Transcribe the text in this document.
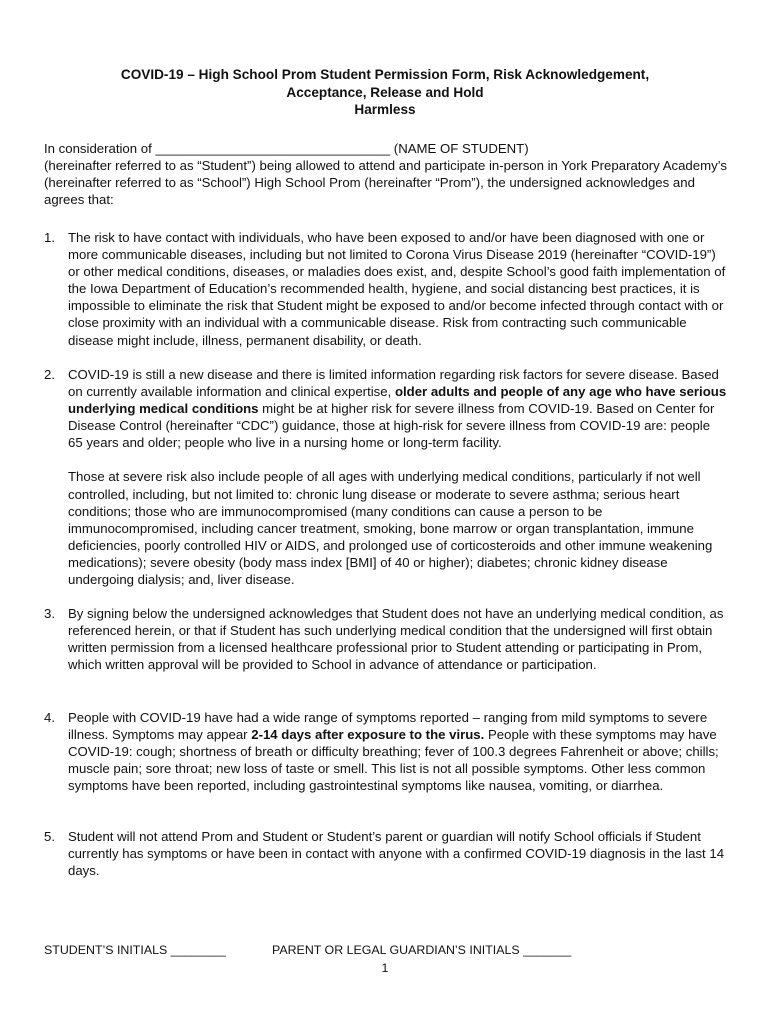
COVID-19 – High School Prom Student Permission Form, Risk Acknowledgement,
Acceptance, Release and Hold
Harmless
In consideration of ________________________________ (NAME OF STUDENT)
(hereinafter referred to as “Student”) being allowed to attend and participate in-person in York Preparatory Academy’s (hereinafter referred to as “School”) High School Prom (hereinafter “Prom”), the undersigned acknowledges and agrees that:
1. The risk to have contact with individuals, who have been exposed to and/or have been diagnosed with one or more communicable diseases, including but not limited to Corona Virus Disease 2019 (hereinafter “COVID-19”) or other medical conditions, diseases, or maladies does exist, and, despite School’s good faith implementation of the Iowa Department of Education’s recommended health, hygiene, and social distancing best practices, it is impossible to eliminate the risk that Student might be exposed to and/or become infected through contact with or close proximity with an individual with a communicable disease. Risk from contracting such communicable disease might include, illness, permanent disability, or death.

2. COVID-19 is still a new disease and there is limited information regarding risk factors for severe disease. Based on currently available information and clinical expertise, older adults and people of any age who have serious underlying medical conditions might be at higher risk for severe illness from COVID-19. Based on Center for Disease Control (hereinafter “CDC”) guidance, those at high-risk for severe illness from COVID-19 are: people 65 years and older; people who live in a nursing home or long-term facility.

Those at severe risk also include people of all ages with underlying medical conditions, particularly if not well controlled, including, but not limited to: chronic lung disease or moderate to severe asthma; serious heart conditions; those who are immunocompromised (many conditions can cause a person to be immunocompromised, including cancer treatment, smoking, bone marrow or organ transplantation, immune deficiencies, poorly controlled HIV or AIDS, and prolonged use of corticosteroids and other immune weakening medications); severe obesity (body mass index [BMI] of 40 or higher); diabetes; chronic kidney disease undergoing dialysis; and, liver disease.

3. By signing below the undersigned acknowledges that Student does not have an underlying medical condition, as referenced herein, or that if Student has such underlying medical condition that the undersigned will first obtain written permission from a licensed healthcare professional prior to Student attending or participating in Prom, which written approval will be provided to School in advance of attendance or participation.

4. People with COVID-19 have had a wide range of symptoms reported – ranging from mild symptoms to severe illness. Symptoms may appear 2-14 days after exposure to the virus. People with these symptoms may have COVID-19: cough; shortness of breath or difficulty breathing; fever of 100.3 degrees Fahrenheit or above; chills; muscle pain; sore throat; new loss of taste or smell. This list is not all possible symptoms. Other less common symptoms have been reported, including gastrointestinal symptoms like nausea, vomiting, or diarrhea.

5. Student will not attend Prom and Student or Student’s parent or guardian will notify School officials if Student currently has symptoms or have been in contact with anyone with a confirmed COVID-19 diagnosis in the last 14 days.

STUDENT’S INITIALS ________	PARENT OR LEGAL GUARDIAN’S INITIALS _______
1
